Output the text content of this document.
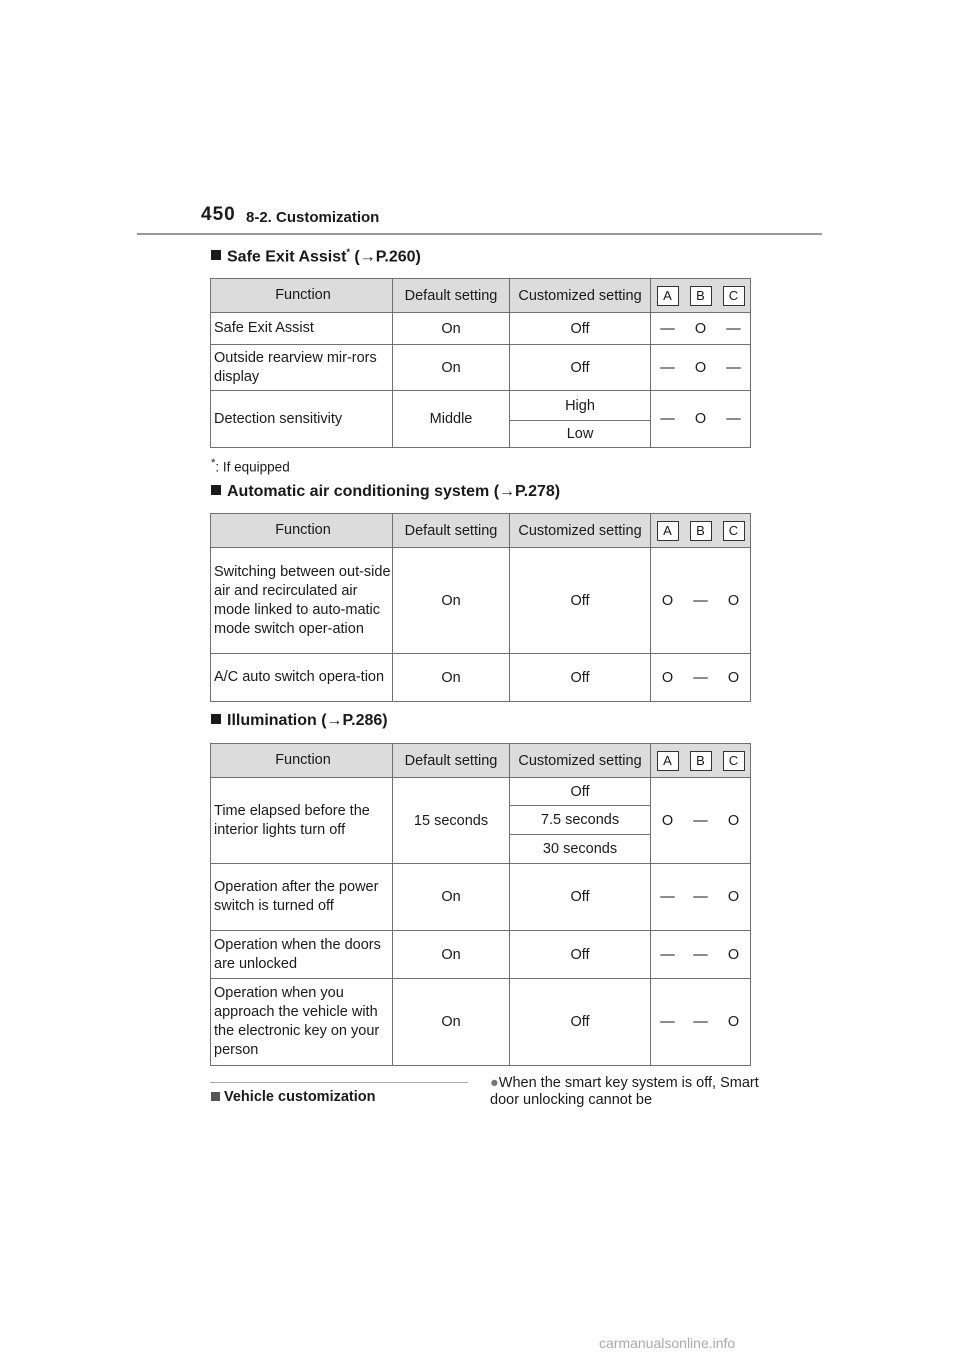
450 8-2. Customization
Safe Exit Assist* (→P.260)
Function	Default setting	Customized setting	A	B	C
Safe Exit Assist	On	Off	—	O	—
Outside rearview mir-rors display	On	Off	—	O	—
Detection sensitivity	Middle	High	—	O	—
		Low			
*: If equipped
Automatic air conditioning system (→P.278)
Function	Default setting	Customized setting	A	B	C
Switching between out-side air and recirculated air mode linked to auto-matic mode switch oper-ation	On	Off	O	—	O
A/C auto switch opera-tion	On	Off	O	—	O
Illumination (→P.286)
Function	Default setting	Customized setting	A	B	C
Time elapsed before the interior lights turn off	15 seconds	Off	O	—	O
		7.5 seconds			
		30 seconds			
Operation after the power switch is turned off	On	Off	—	—	O
Operation when the doors are unlocked	On	Off	—	—	O
Operation when you approach the vehicle with the electronic key on your person	On	Off	—	—	O
Vehicle customization
●When the smart key system is off, Smart door unlocking cannot be
carmanualsonline.info
